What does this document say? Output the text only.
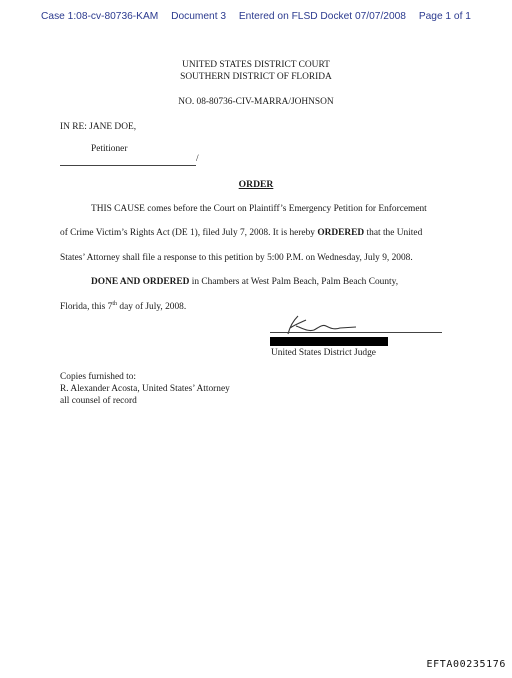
Case 1:08-cv-80736-KAM Document 3 Entered on FLSD Docket 07/07/2008 Page 1 of 1
UNITED STATES DISTRICT COURT
SOUTHERN DISTRICT OF FLORIDA
NO. 08-80736-CIV-MARRA/JOHNSON
IN RE: JANE DOE,
Petitioner
/
ORDER
THIS CAUSE comes before the Court on Plaintiff’s Emergency Petition for Enforcement
of Crime Victim’s Rights Act (DE 1), filed July 7, 2008. It is hereby ORDERED that the United
States’ Attorney shall file a response to this petition by 5:00 P.M. on Wednesday, July 9, 2008.
DONE AND ORDERED in Chambers at West Palm Beach, Palm Beach County,
Florida, this 7th day of July, 2008.
United States District Judge
Copies furnished to:
R. Alexander Acosta, United States’ Attorney
all counsel of record
EFTA00235176
